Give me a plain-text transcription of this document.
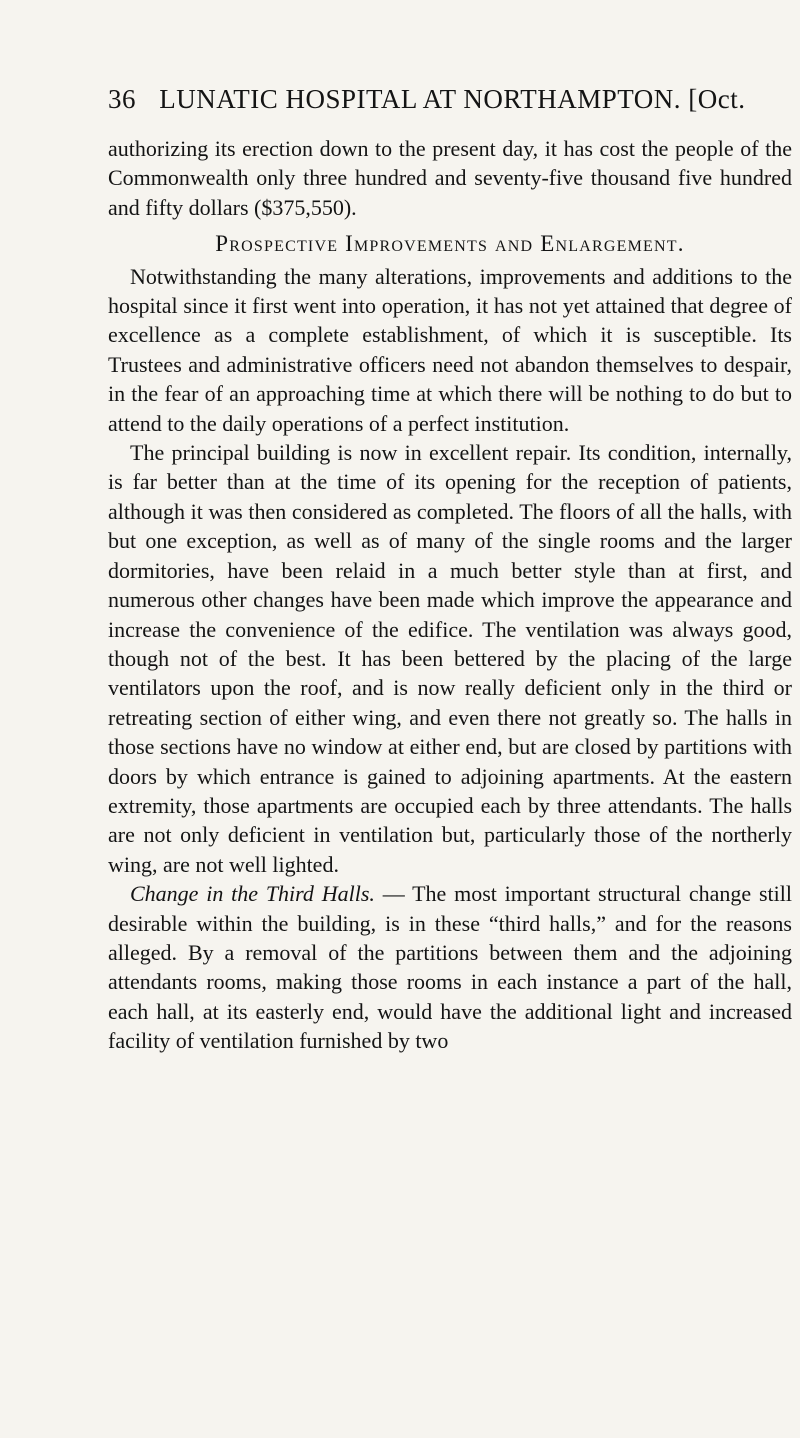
36 LUNATIC HOSPITAL AT NORTHAMPTON. [Oct.

authorizing its erection down to the present day, it has cost the people of the Commonwealth only three hundred and seventy-five thousand five hundred and fifty dollars ($375,550).

Prospective Improvements and Enlargement.

Notwithstanding the many alterations, improvements and additions to the hospital since it first went into operation, it has not yet attained that degree of excellence as a complete establishment, of which it is susceptible. Its Trustees and administrative officers need not abandon themselves to despair, in the fear of an approaching time at which there will be nothing to do but to attend to the daily operations of a perfect institution.

The principal building is now in excellent repair. Its condition, internally, is far better than at the time of its opening for the reception of patients, although it was then considered as completed. The floors of all the halls, with but one exception, as well as of many of the single rooms and the larger dormitories, have been relaid in a much better style than at first, and numerous other changes have been made which improve the appearance and increase the convenience of the edifice. The ventilation was always good, though not of the best. It has been bettered by the placing of the large ventilators upon the roof, and is now really deficient only in the third or retreating section of either wing, and even there not greatly so. The halls in those sections have no window at either end, but are closed by partitions with doors by which entrance is gained to adjoining apartments. At the eastern extremity, those apartments are occupied each by three attendants. The halls are not only deficient in ventilation but, particularly those of the northerly wing, are not well lighted.

Change in the Third Halls. — The most important structural change still desirable within the building, is in these “third halls,” and for the reasons alleged. By a removal of the partitions between them and the adjoining attendants rooms, making those rooms in each instance a part of the hall, each hall, at its easterly end, would have the additional light and increased facility of ventilation furnished by two
